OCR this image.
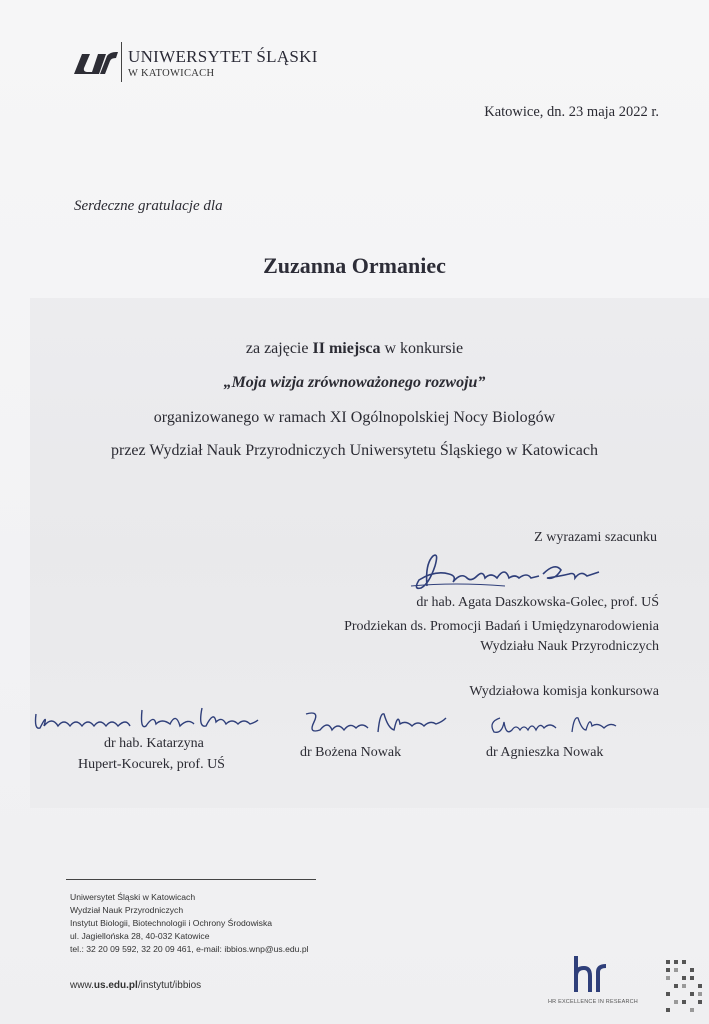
UNIWERSYTET ŚLĄSKI
W KATOWICACH
Katowice, dn. 23 maja 2022 r.
Serdeczne gratulacje dla
Zuzanna Ormaniec
za zajęcie II miejsca w konkursie
„Moja wizja zrównoważonego rozwoju”
organizowanego w ramach XI Ogólnopolskiej Nocy Biologów
przez Wydział Nauk Przyrodniczych Uniwersytetu Śląskiego w Katowicach
Z wyrazami szacunku
dr hab. Agata Daszkowska-Golec, prof. UŚ
Prodziekan ds. Promocji Badań i Umiędzynarodowienia
Wydziału Nauk Przyrodniczych
Wydziałowa komisja konkursowa
dr hab. Katarzyna
Hupert-Kocurek, prof. UŚ
dr Bożena Nowak	dr Agnieszka Nowak
Uniwersytet Śląski w Katowicach
Wydział Nauk Przyrodniczych
Instytut Biologii, Biotechnologii i Ochrony Środowiska
ul. Jagiellońska 28, 40-032 Katowice
tel.: 32 20 09 592, 32 20 09 461, e-mail: ibbios.wnp@us.edu.pl
www.us.edu.pl/instytut/ibbios
HR EXCELLENCE IN RESEARCH
